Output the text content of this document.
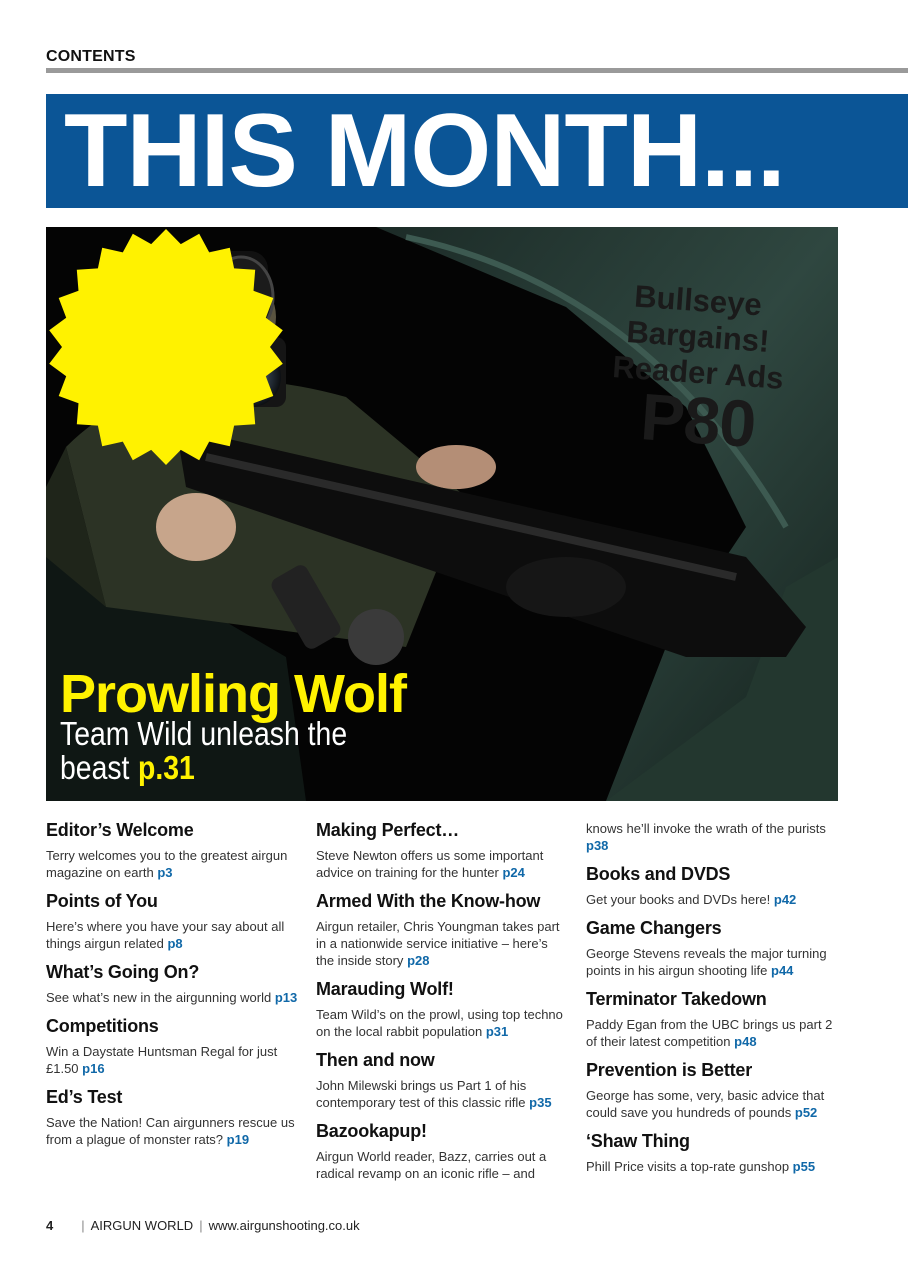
CONTENTS
THIS MONTH...
Bullseye
Bargains!
Reader Ads
P80
Prowling Wolf
Team Wild unleash the
beast p.31
Editor’s Welcome

Terry welcomes you to the greatest airgun magazine on earth p3

Points of You

Here’s where you have your say about all things airgun related p8

What’s Going On?

See what’s new in the airgunning world p13

Competitions

Win a Daystate Huntsman Regal for just £1.50 p16

Ed’s Test

Save the Nation! Can airgunners rescue us from a plague of monster rats? p19

Making Perfect…

Steve Newton offers us some important advice on training for the hunter p24

Armed With the Know-how

Airgun retailer, Chris Youngman takes part in a nationwide service initiative – here’s the inside story p28

Marauding Wolf!

Team Wild’s on the prowl, using top techno on the local rabbit population p31

Then and now

John Milewski brings us Part 1 of his contemporary test of this classic rifle p35

Bazookapup!

Airgun World reader, Bazz, carries out a radical revamp on an iconic rifle – and

knows he’ll invoke the wrath of the purists p38

Books and DVDS

Get your books and DVDs here! p42

Game Changers

George Stevens reveals the major turning points in his airgun shooting life p44

Terminator Takedown

Paddy Egan from the UBC brings us part 2 of their latest competition p48

Prevention is Better

George has some, very, basic advice that could save you hundreds of pounds p52

‘Shaw Thing

Phill Price visits a top-rate gunshop p55

4 | AIRGUN WORLD | www.airgunshooting.co.uk
